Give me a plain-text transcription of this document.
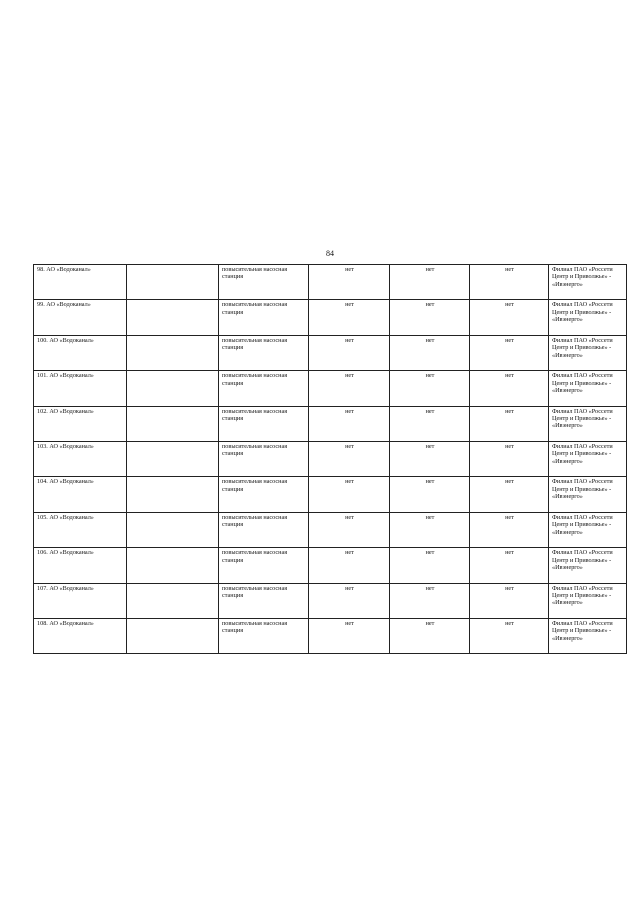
84
98. АО «Водоканал»		повысительная насосная станция	нет	нет	нет	Филиал ПАО «Россети Центр и Приволжье» - «Ивэнерго»
99. АО «Водоканал»		повысительная насосная станция	нет	нет	нет	Филиал ПАО «Россети Центр и Приволжье» - «Ивэнерго»
100. АО «Водоканал»		повысительная насосная станция	нет	нет	нет	Филиал ПАО «Россети Центр и Приволжье» - «Ивэнерго»
101. АО «Водоканал»		повысительная насосная станция	нет	нет	нет	Филиал ПАО «Россети Центр и Приволжье» - «Ивэнерго»
102. АО «Водоканал»		повысительная насосная станция	нет	нет	нет	Филиал ПАО «Россети Центр и Приволжье» - «Ивэнерго»
103. АО «Водоканал»		повысительная насосная станция	нет	нет	нет	Филиал ПАО «Россети Центр и Приволжье» - «Ивэнерго»
104. АО «Водоканал»		повысительная насосная станция	нет	нет	нет	Филиал ПАО «Россети Центр и Приволжье» - «Ивэнерго»
105. АО «Водоканал»		повысительная насосная станция	нет	нет	нет	Филиал ПАО «Россети Центр и Приволжье» - «Ивэнерго»
106. АО «Водоканал»		повысительная насосная станция	нет	нет	нет	Филиал ПАО «Россети Центр и Приволжье» - «Ивэнерго»
107. АО «Водоканал»		повысительная насосная станция	нет	нет	нет	Филиал ПАО «Россети Центр и Приволжье» - «Ивэнерго»
108. АО «Водоканал»		повысительная насосная станция	нет	нет	нет	Филиал ПАО «Россети Центр и Приволжье» - «Ивэнерго»
